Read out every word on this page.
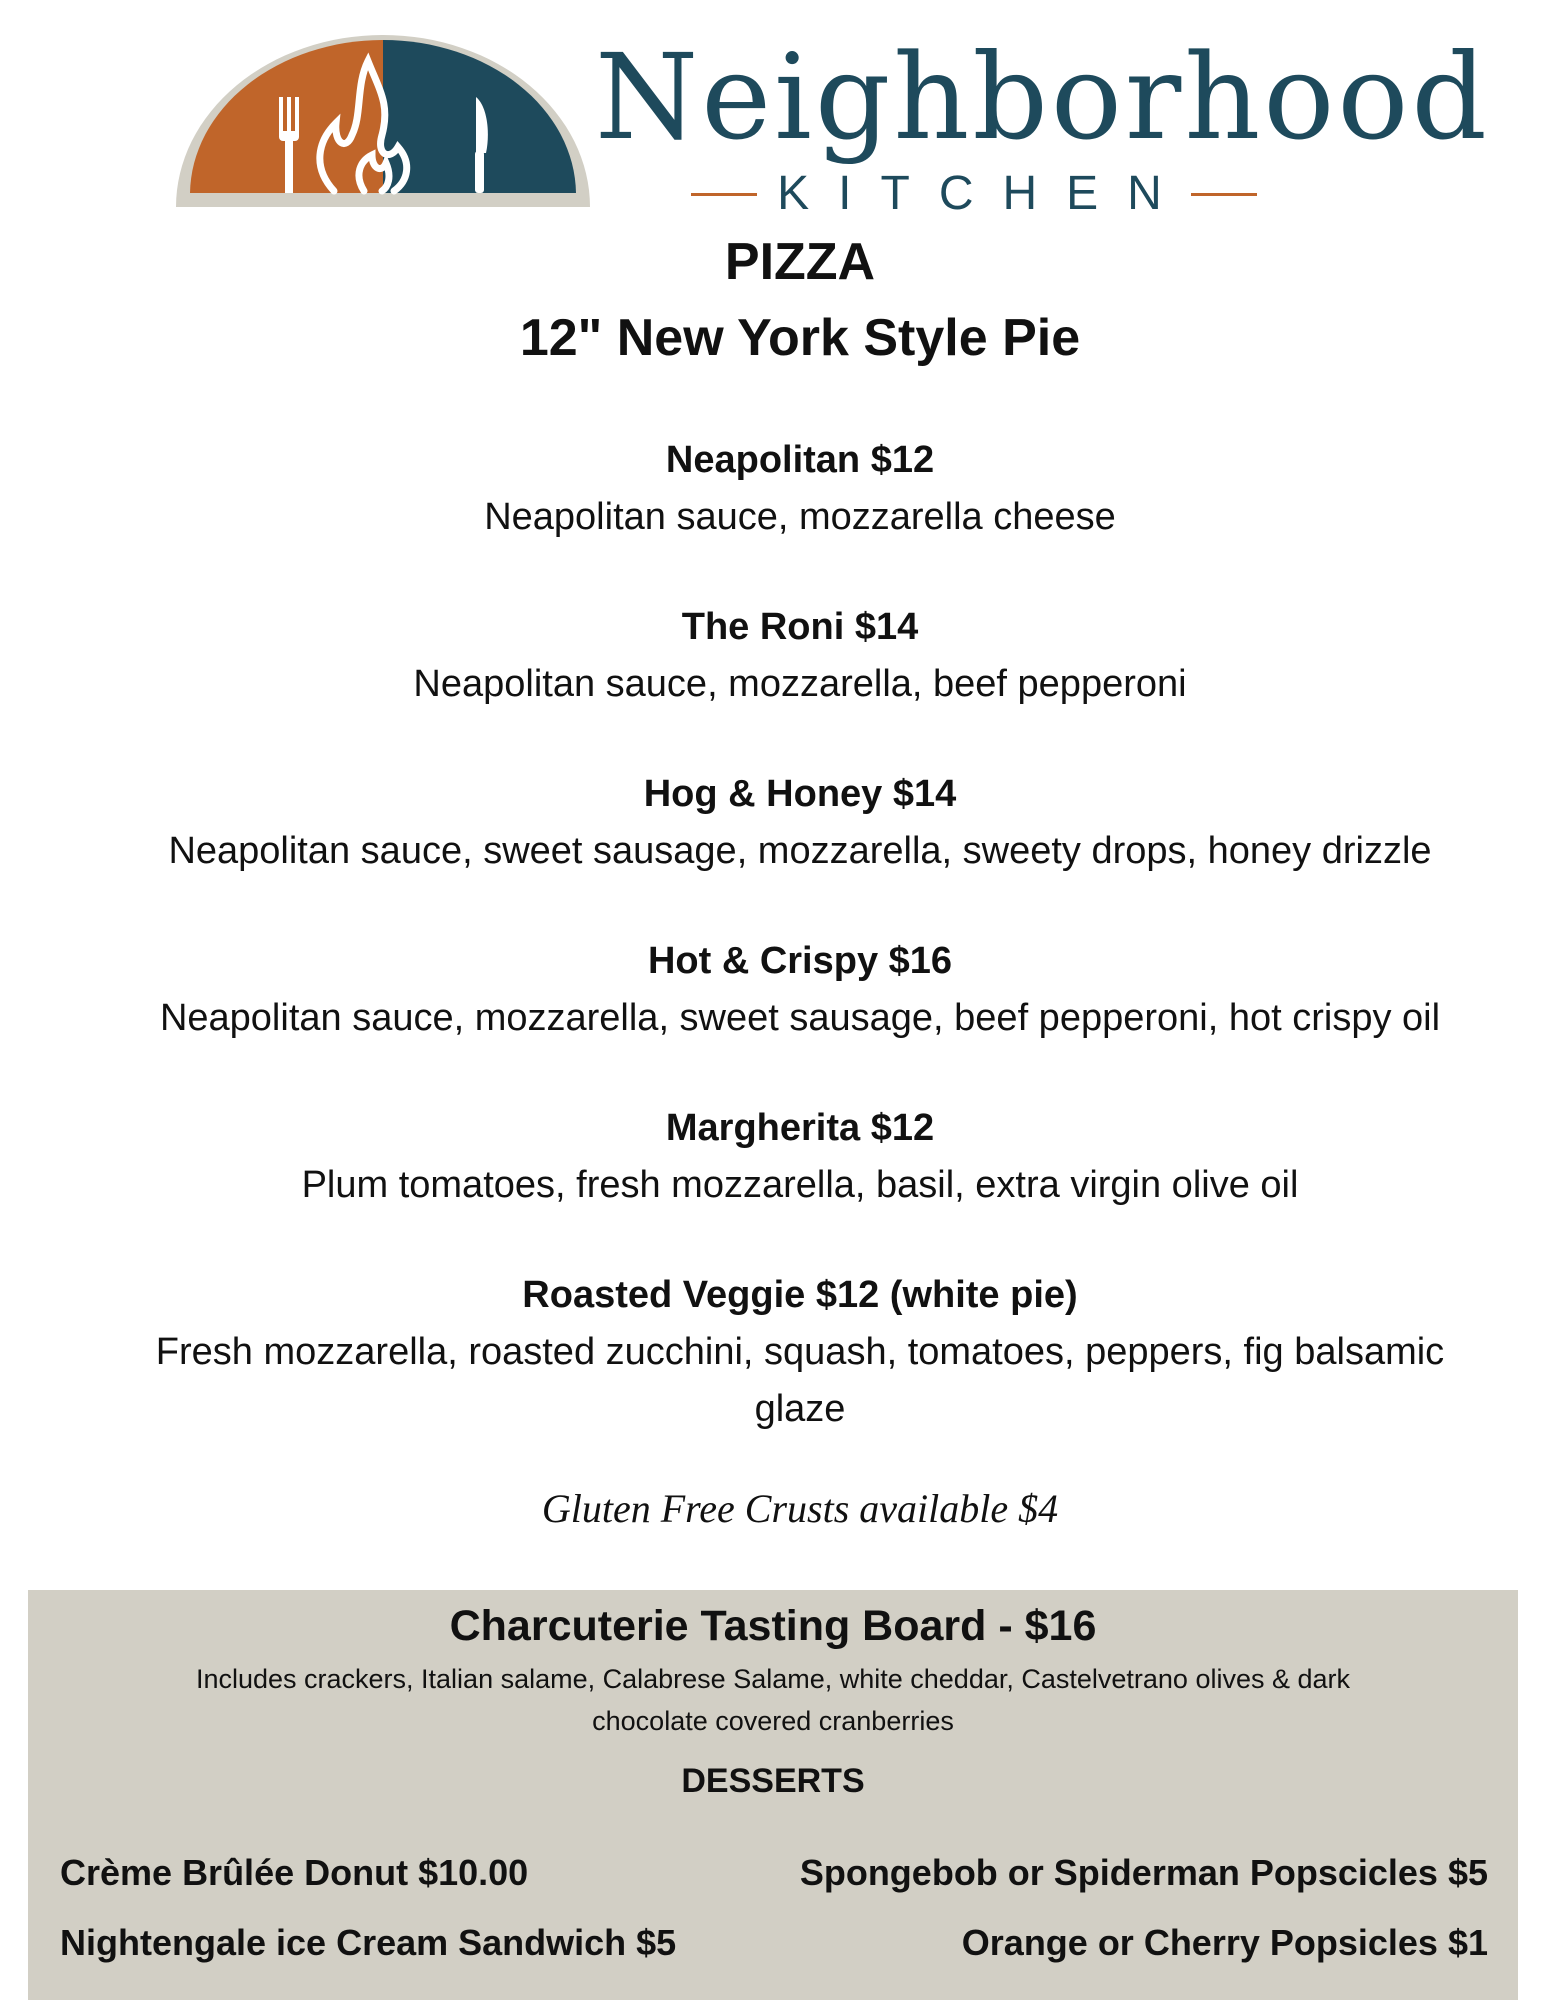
Neighborhood
KITCHEN
PIZZA
12" New York Style Pie
Neapolitan $12
Neapolitan sauce, mozzarella cheese
The Roni $14
Neapolitan sauce, mozzarella, beef pepperoni
Hog & Honey $14
Neapolitan sauce, sweet sausage, mozzarella, sweety drops, honey drizzle
Hot & Crispy $16
Neapolitan sauce, mozzarella, sweet sausage, beef pepperoni, hot crispy oil
Margherita $12
Plum tomatoes, fresh mozzarella, basil, extra virgin olive oil
Roasted Veggie $12 (white pie)
Fresh mozzarella, roasted zucchini, squash, tomatoes, peppers, fig balsamic glaze
Gluten Free Crusts available $4
Charcuterie Tasting Board - $16
Includes crackers, Italian salame, Calabrese Salame, white cheddar, Castelvetrano olives & dark chocolate covered cranberries
DESSERTS
Crème Brûlée Donut $10.00	Spongebob or Spiderman Popscicles $5
Nightengale ice Cream Sandwich $5	Orange or Cherry Popsicles $1
